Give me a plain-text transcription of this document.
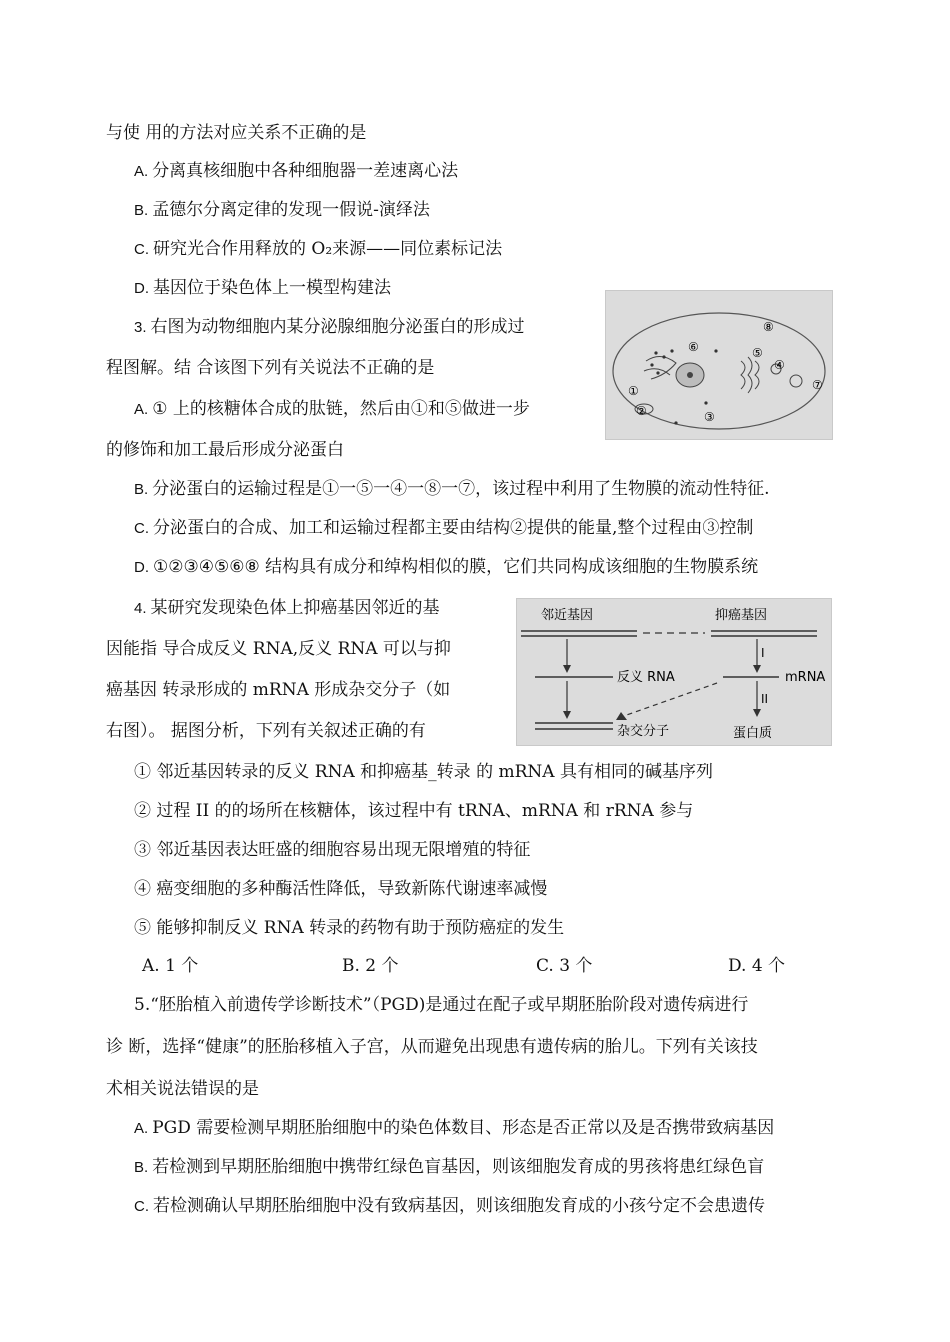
与使 用的方法对应关系不正确的是
A. 分离真核细胞中各种细胞器一差速离心法
B. 孟德尔分离定律的发现一假说-演绎法
C. 研究光合作用释放的 O₂来源——同位素标记法
D. 基因位于染色体上一模型构建法
3. 右图为动物细胞内某分泌腺细胞分泌蛋白的形成过
程图解。结 合该图下列有关说法不正确的是
A. ① 上的核糖体合成的肽链，然后由①和⑤做进一步
的修饰和加工最后形成分泌蛋白
B. 分泌蛋白的运输过程是①一⑤一④一⑧一⑦，该过程中利用了生物膜的流动性特征.
C. 分泌蛋白的合成、加工和运输过程都主要由结构②提供的能量,整个过程由③控制
D. ①②③④⑤⑥⑧ 结构具有成分和绰构相似的膜，它们共同构成该细胞的生物膜系统
⑧
⑥	⑤
④
①
②	③
⑦
4. 某研究发现染色体上抑癌基因邻近的基
因能指 导合成反义 RNA,反义 RNA 可以与抑
癌基因 转录形成的 mRNA 形成杂交分子（如
右图）。 据图分析，下列有关叙述正确的有
邻近基因	抑癌基因
反义 RNA
I
mRNA
II
杂交分子	蛋白质
① 邻近基因转录的反义 RNA 和抑癌基_转录 的 mRNA 具有相同的碱基序列
② 过程 II 的的场所在核糖体，该过程中有 tRNA、mRNA 和 rRNA 参与
③ 邻近基因表达旺盛的细胞容易出现无限增殖的特征
④ 癌变细胞的多种酶活性降低，导致新陈代谢速率减慢
⑤ 能够抑制反义 RNA 转录的药物有助于预防癌症的发生
A. 1 个	B. 2 个	C. 3 个	D. 4 个
5.“胚胎植入前遗传学诊断技术”（PGD)是通过在配子或早期胚胎阶段对遗传病进行
诊 断，选择“健康”的胚胎移植入子宫，从而避免出现患有遗传病的胎儿。下列有关该技
术相关说法错误的是
A. PGD 需要检测早期胚胎细胞中的染色体数目、形态是否正常以及是否携带致病基因
B. 若检测到早期胚胎细胞中携带红绿色盲基因，则该细胞发育成的男孩将患红绿色盲
C. 若检测确认早期胚胎细胞中没有致病基因，则该细胞发育成的小孩兮定不会患遗传
